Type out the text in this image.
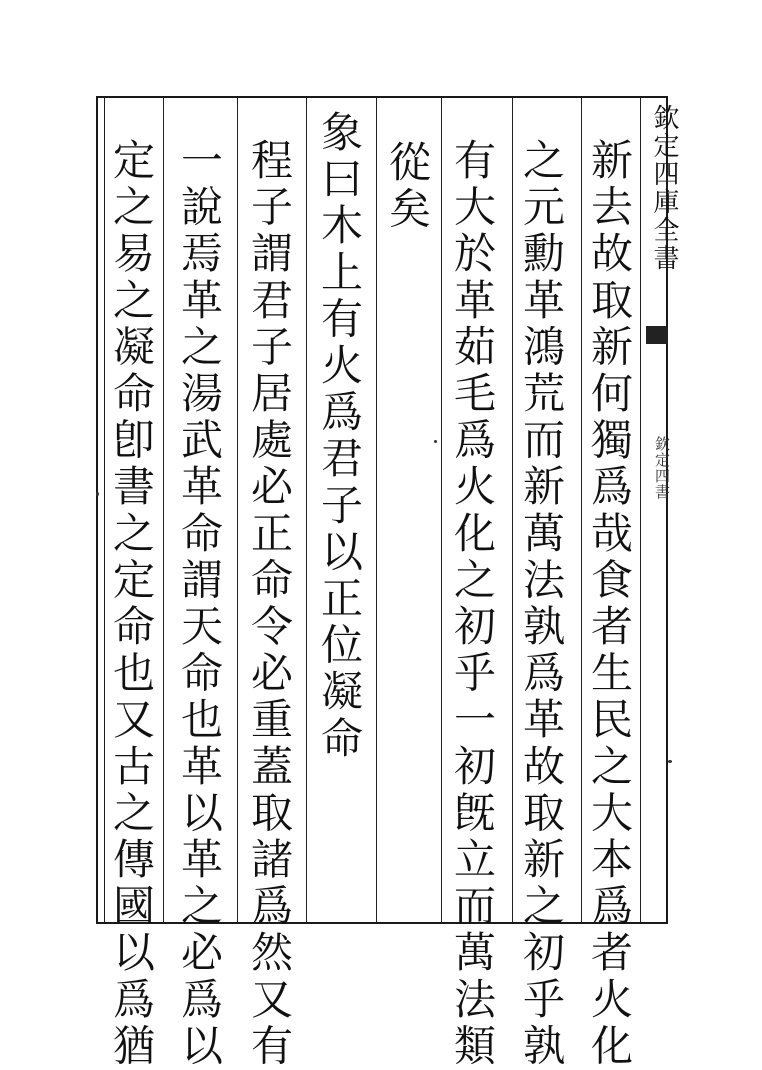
欽定四庫全書
欽定四書
新去故取新何獨爲哉食者生民之大本爲者火化
之元勳革鴻荒而新萬法孰爲革故取新之初乎孰
有大於革茹毛爲火化之初乎一初旣立而萬法類
從矣
象曰木上有火爲君子以正位凝命
程子謂君子居處必正命令必重蓋取諸爲然又有
一說焉革之湯武革命謂天命也革以革之必爲以
定之易之凝命卽書之定命也又古之傳國以爲猶
